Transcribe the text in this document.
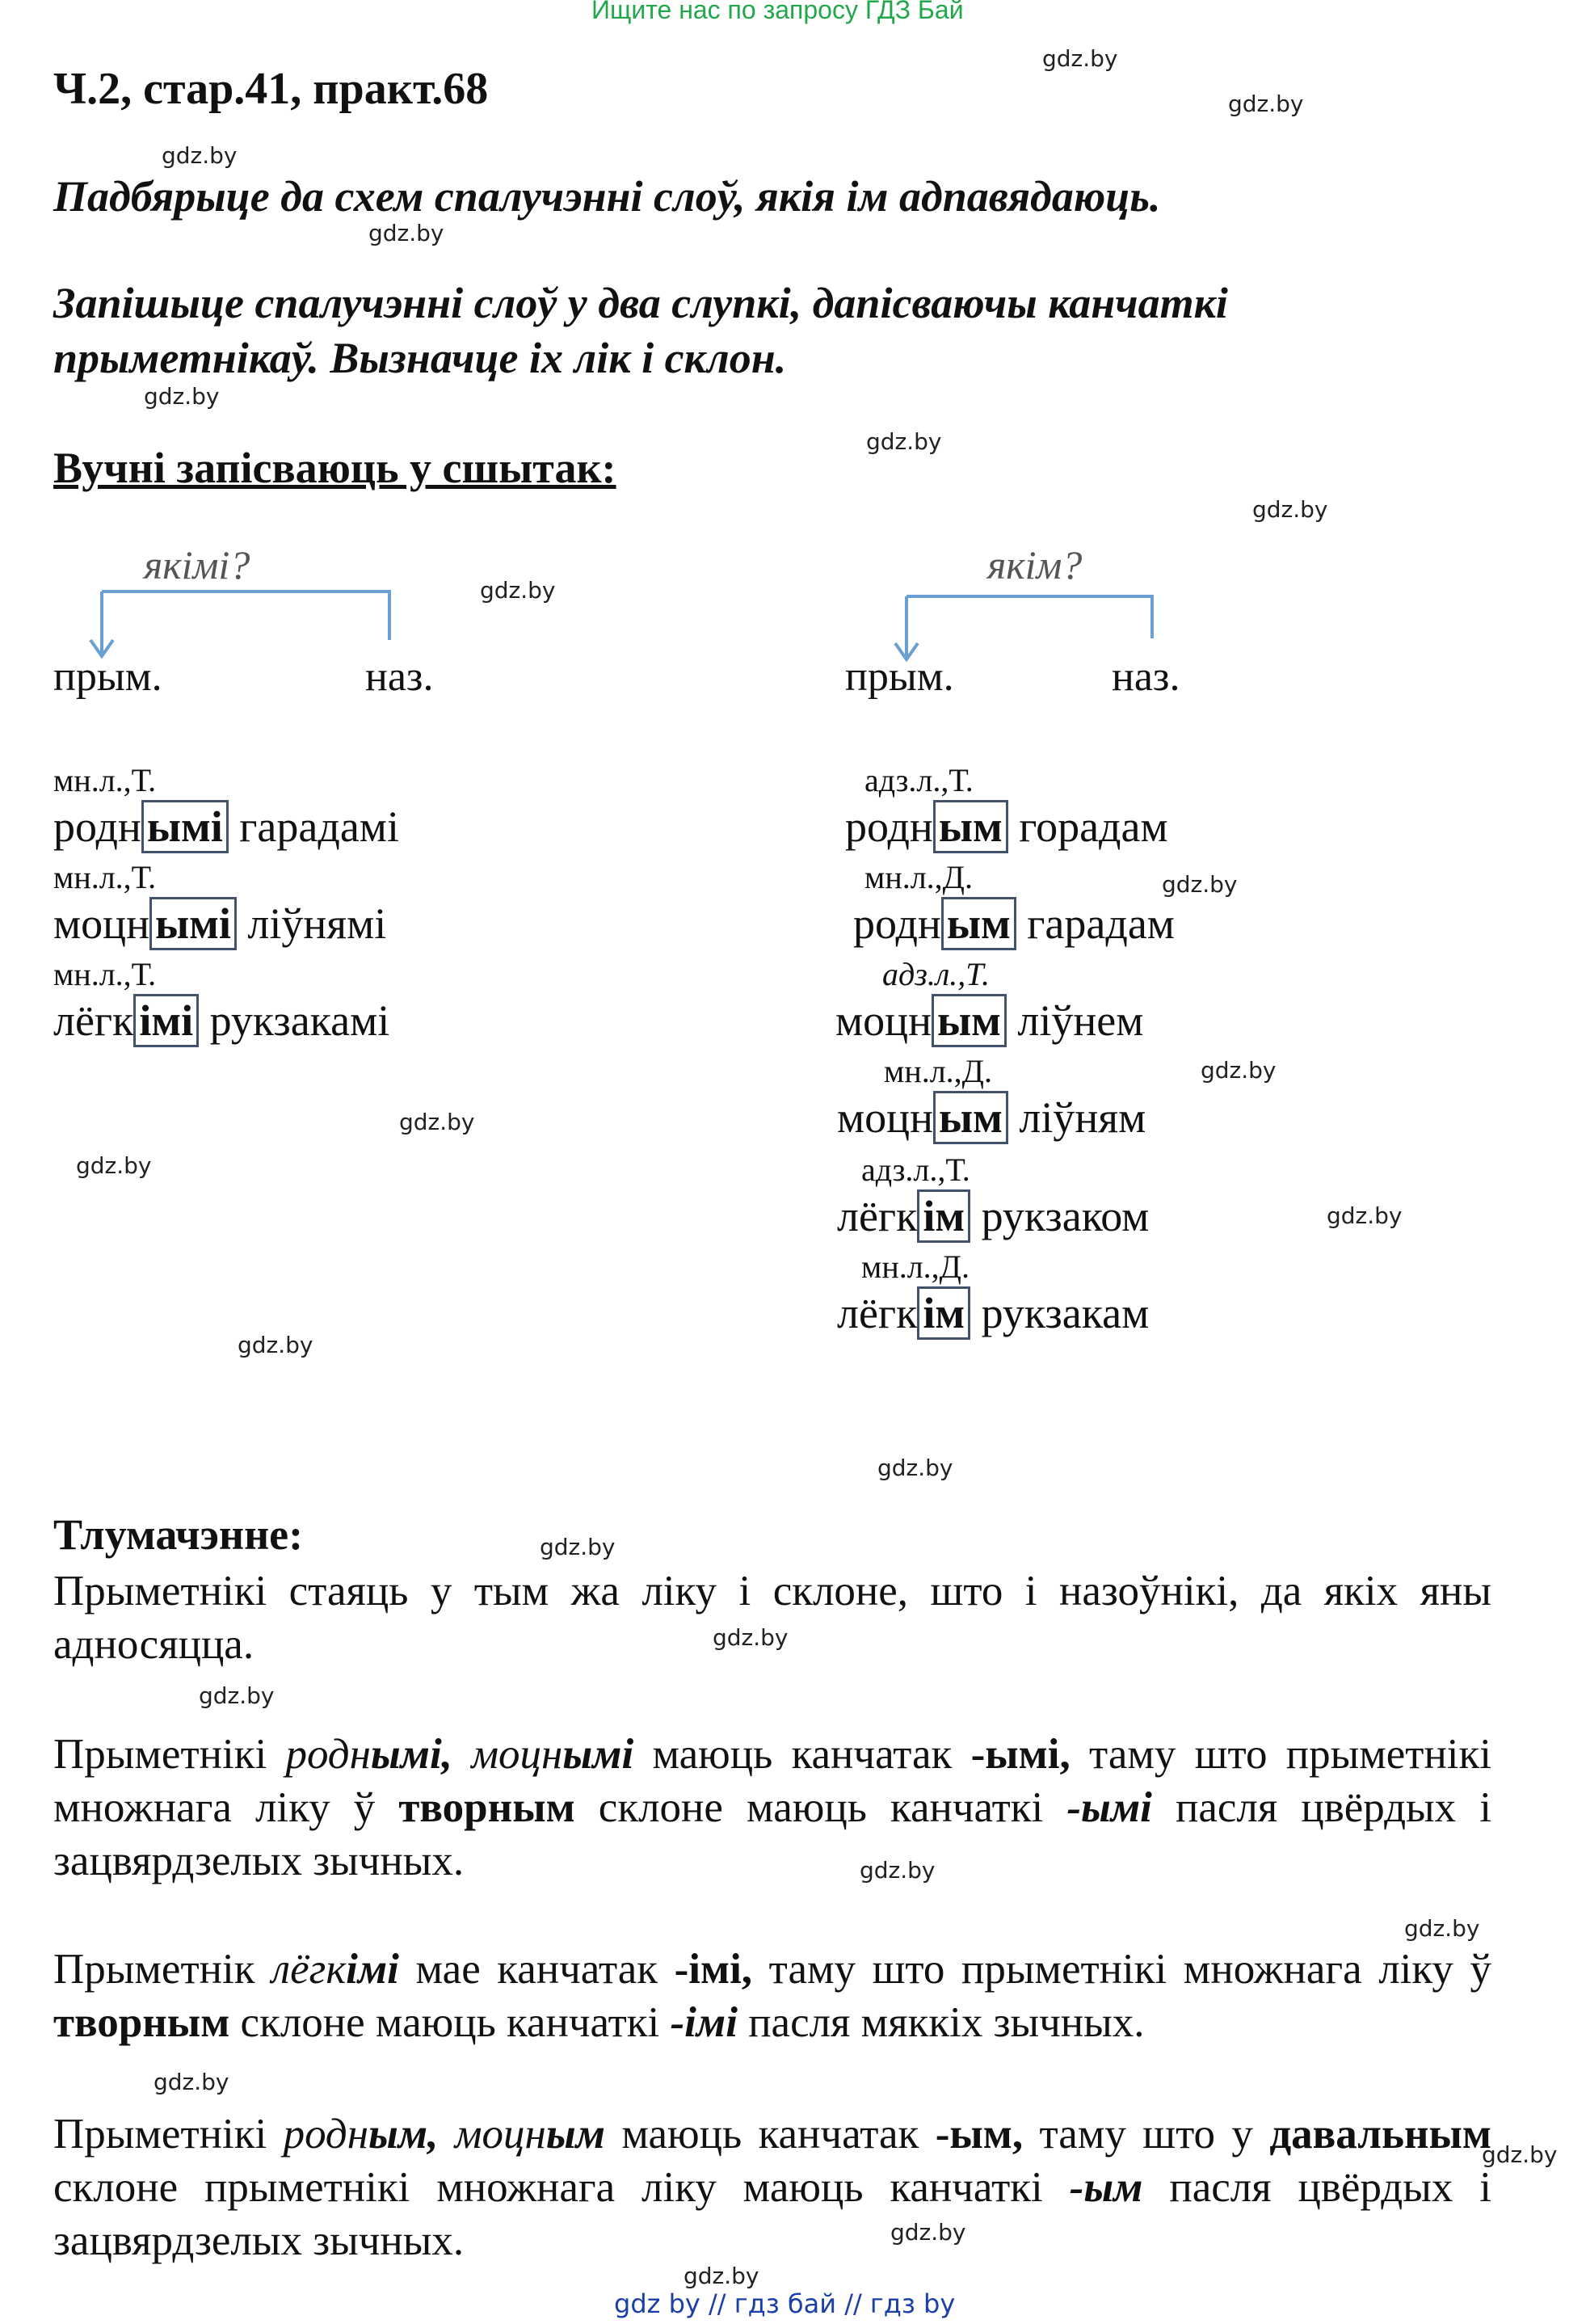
Ищите нас по запросу ГДЗ Бай
Ч.2, стар.41, практ.68
Падбярыце да схем спалучэнні слоў, якія ім адпавядаюць.
Запішыце спалучэнні слоў у два слупкі, дапісваючы канчаткі
прыметнікаў. Вызначце іх лік і склон.
Вучні запісваюць у сшытак:
якімі?
прым.	наз.
якім?
прым.	наз.
мн.л.,Т.
родн ымі гарадамі
мн.л.,Т.
моцн ымі ліўнямі
мн.л.,Т.
лёгк імі рукзакамі
адз.л.,Т.
родн ым горадам
мн.л.,Д.
родн ым гарадам
адз.л.,Т.
моцн ым ліўнем
мн.л.,Д.
моцн ым ліўням
адз.л.,Т.
лёгк ім рукзаком
мн.л.,Д.
лёгк ім рукзакам
Тлумачэнне:
Прыметнікі стаяць у тым жа ліку і склоне, што і назоўнікі, да якіх яны адносяцца.
Прыметнікі роднымі, моцнымі маюць канчатак -ымі, таму што прыметнікі множнага ліку ў творным склоне маюць канчаткі -ымі пасля цвёрдых і зацвярдзелых зычных.
Прыметнік лёгкімі мае канчатак -імі, таму што прыметнікі множнага ліку ў творным склоне маюць канчаткі -імі пасля мяккіх зычных.
Прыметнікі родным, моцным маюць канчатак -ым, таму што у давальным склоне прыметнікі множнага ліку маюць канчаткі -ым пасля цвёрдых і зацвярдзелых зычных.
gdz.by
gdz.by
gdz.by
gdz.by
gdz.by
gdz.by
gdz.by
gdz.by
gdz.by
gdz.by
gdz.by
gdz.by
gdz.by
gdz.by
gdz.by
gdz.by
gdz.by
gdz.by
gdz.by
gdz.by
gdz.by
gdz.by
gdz.by
gdz.by
gdz by // гдз бай // гдз by
